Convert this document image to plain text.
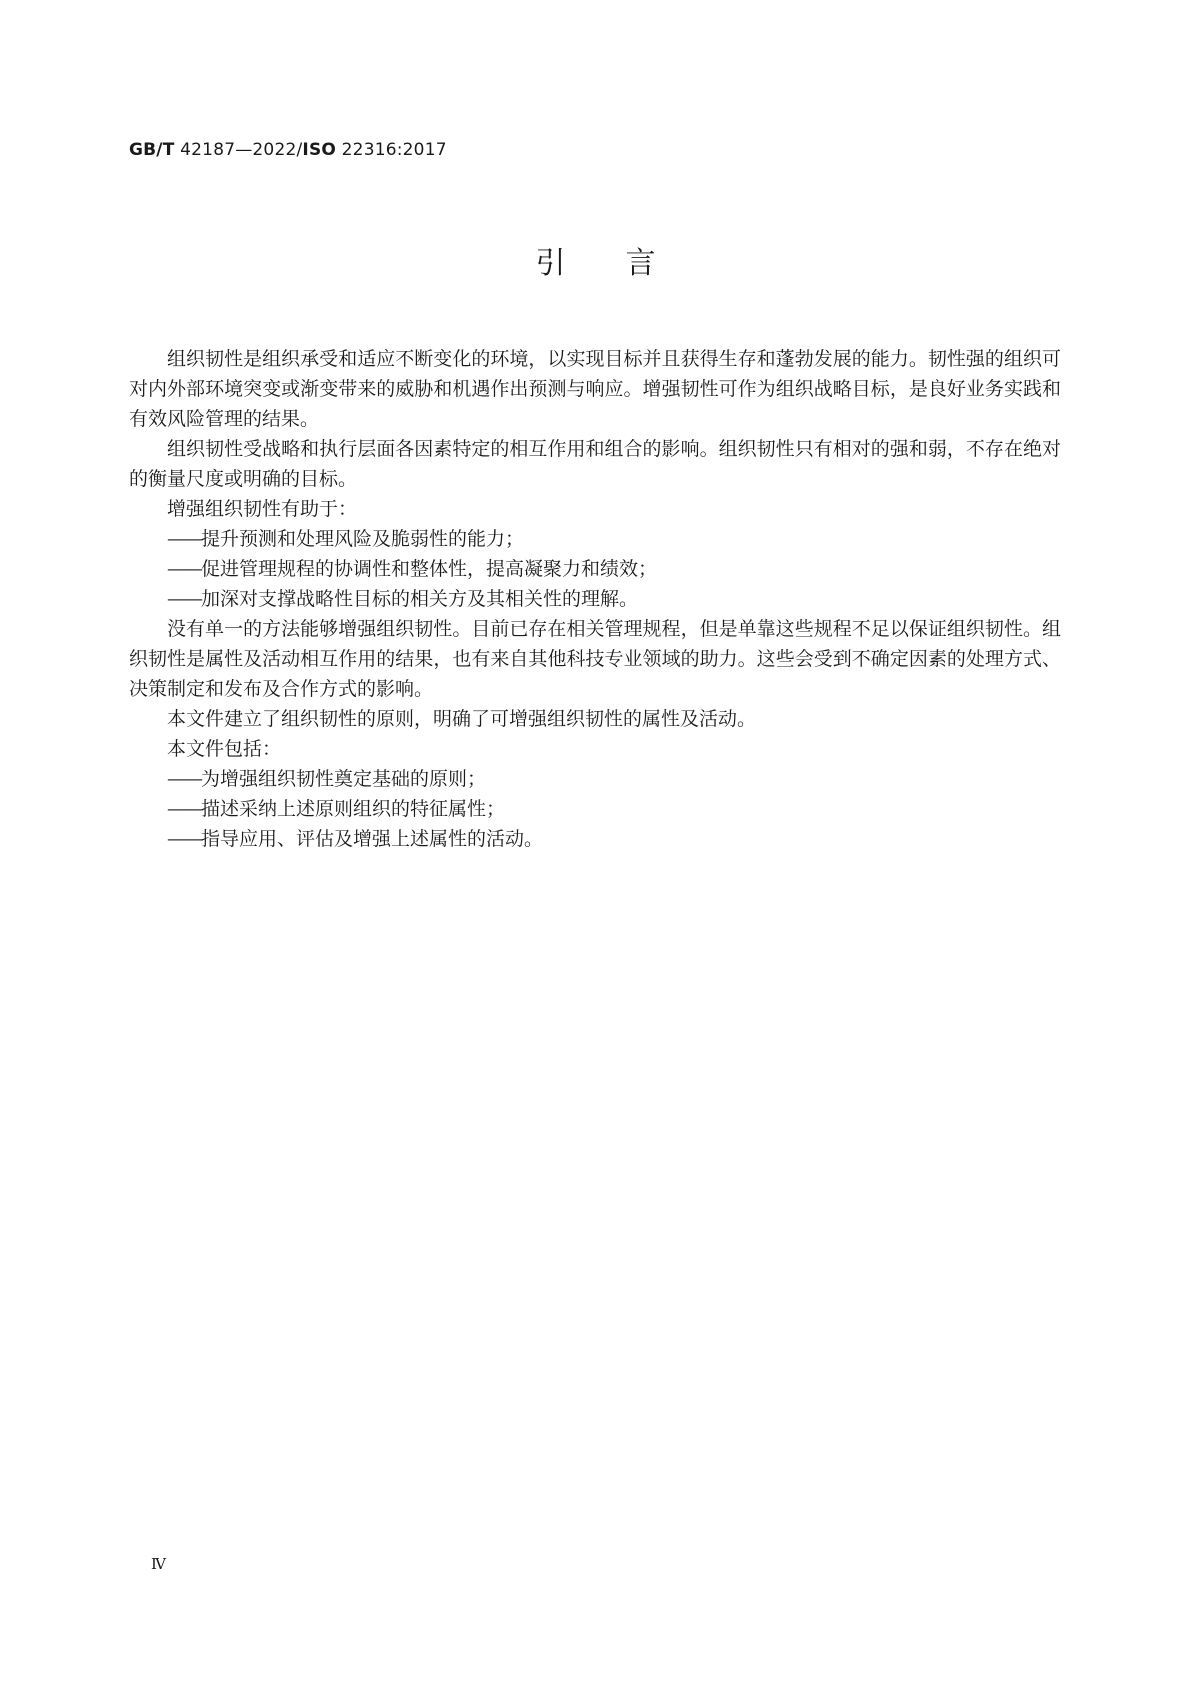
GB/T 42187—2022/ISO 22316:2017
引言

组织韧性是组织承受和适应不断变化的环境，以实现目标并且获得生存和蓬勃发展的能力。韧性强的组织可对内外部环境突变或渐变带来的威胁和机遇作出预测与响应。增强韧性可作为组织战略目标，是良好业务实践和有效风险管理的结果。

组织韧性受战略和执行层面各因素特定的相互作用和组合的影响。组织韧性只有相对的强和弱，不存在绝对的衡量尺度或明确的目标。

增强组织韧性有助于：

——提升预测和处理风险及脆弱性的能力；
——促进管理规程的协调性和整体性，提高凝聚力和绩效；
——加深对支撑战略性目标的相关方及其相关性的理解。

没有单一的方法能够增强组织韧性。目前已存在相关管理规程，但是单靠这些规程不足以保证组织韧性。组织韧性是属性及活动相互作用的结果，也有来自其他科技专业领域的助力。这些会受到不确定因素的处理方式、决策制定和发布及合作方式的影响。

本文件建立了组织韧性的原则，明确了可增强组织韧性的属性及活动。

本文件包括：

——为增强组织韧性奠定基础的原则；
——描述采纳上述原则组织的特征属性；
——指导应用、评估及增强上述属性的活动。
Ⅳ
